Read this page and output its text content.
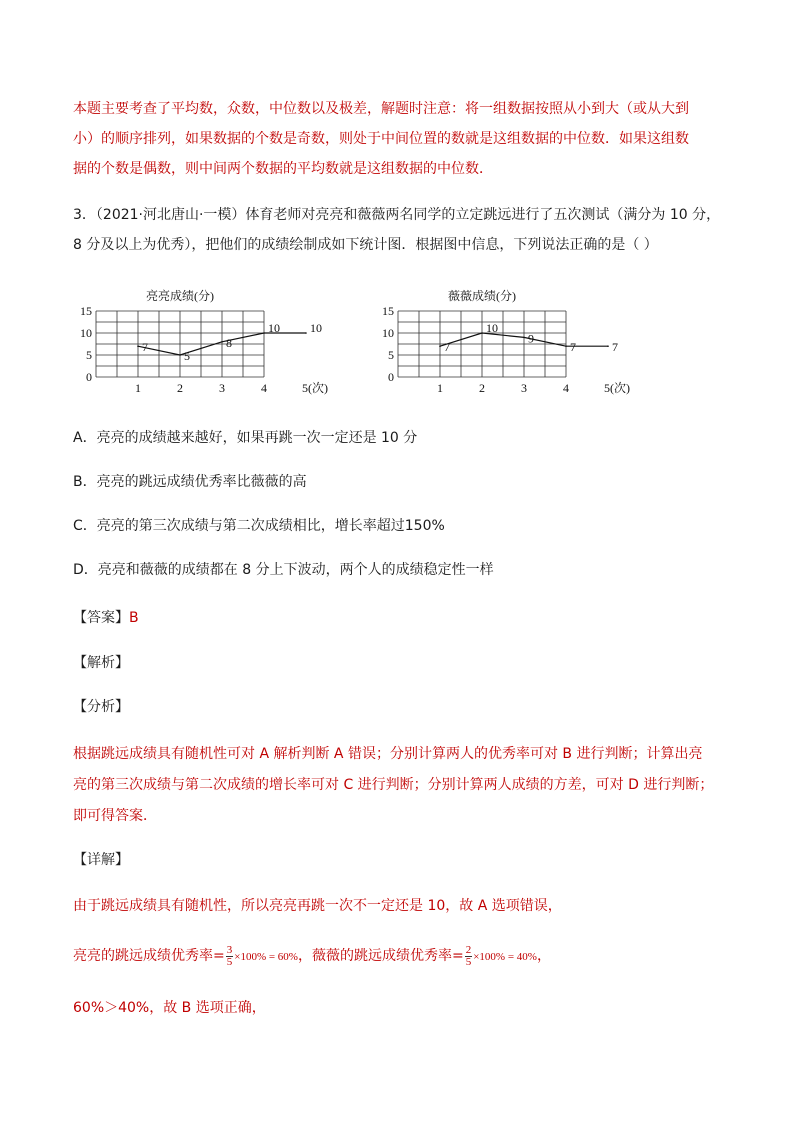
本题主要考查了平均数，众数，中位数以及极差，解题时注意：将一组数据按照从小到大（或从大到

小）的顺序排列，如果数据的个数是奇数，则处于中间位置的数就是这组数据的中位数．如果这组数

据的个数是偶数，则中间两个数据的平均数就是这组数据的中位数．

3．（2021·河北唐山·一模）体育老师对亮亮和薇薇两名同学的立定跳远进行了五次测试（满分为 10 分，

8 分及以上为优秀），把他们的成绩绘制成如下统计图．根据图中信息，下列说法正确的是（ ）

亮亮成绩(分)
0
5
10
15
1	2	3	4	5(次)
7
5
8
10	10
薇薇成绩(分)
0
5
10
15
1	2	3	4	5(次)
7
10
9
7	7

A．亮亮的成绩越来越好，如果再跳一次一定还是 10 分

B．亮亮的跳远成绩优秀率比薇薇的高

C．亮亮的第三次成绩与第二次成绩相比，增长率超过150%

D．亮亮和薇薇的成绩都在 8 分上下波动，两个人的成绩稳定性一样

【答案】B

【解析】

【分析】

根据跳远成绩具有随机性可对 A 解析判断 A 错误；分别计算两人的优秀率可对 B 进行判断；计算出亮

亮的第三次成绩与第二次成绩的增长率可对 C 进行判断；分别计算两人成绩的方差，可对 D 进行判断；

即可得答案．

【详解】

由于跳远成绩具有随机性，所以亮亮再跳一次不一定还是 10，故 A 选项错误，

亮亮的跳远成绩优秀率= $\frac{3}{5} \times 100\% = 60\%$，薇薇的跳远成绩优秀率= $\frac{2}{5} \times 100\% = 40\%$，

60%＞40%，故 B 选项正确，
